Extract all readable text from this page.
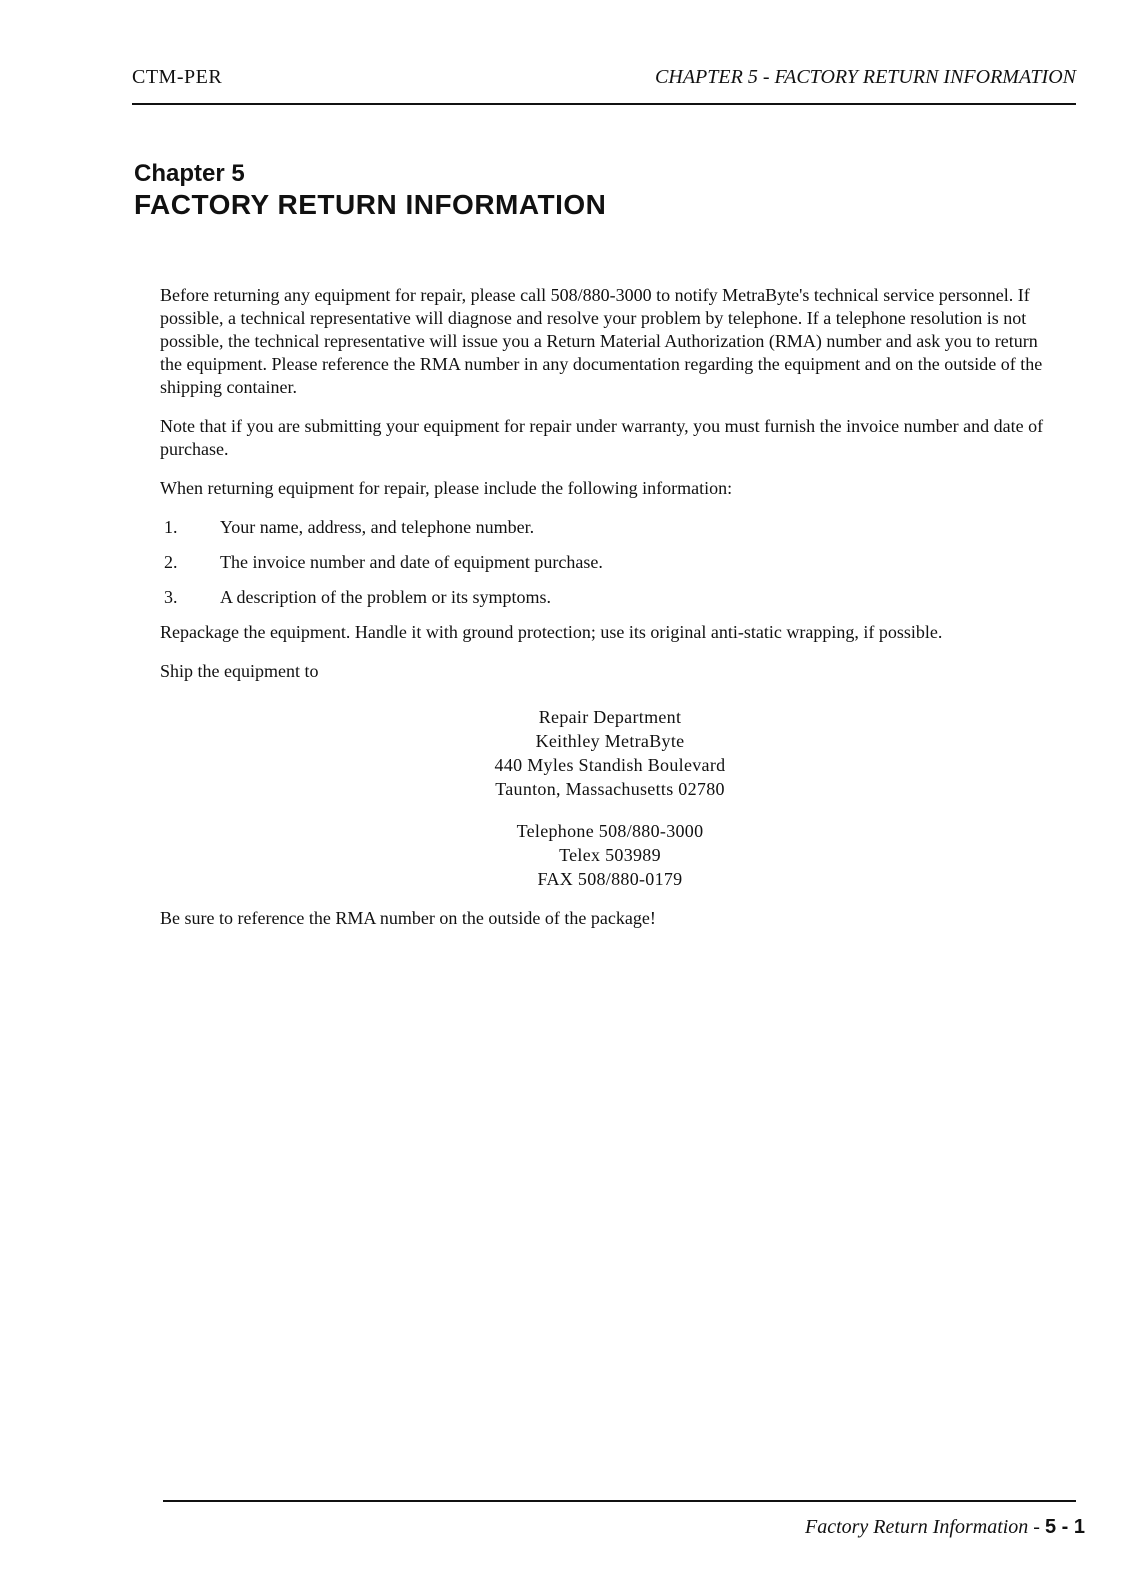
CTM-PER	CHAPTER 5 - FACTORY RETURN INFORMATION
Chapter 5
FACTORY RETURN INFORMATION

Before returning any equipment for repair, please call 508/880-3000 to notify MetraByte's technical service personnel. If possible, a technical representative will diagnose and resolve your problem by telephone. If a telephone resolution is not possible, the technical representative will issue you a Return Material Authorization (RMA) number and ask you to return the equipment. Please reference the RMA number in any documentation regarding the equipment and on the outside of the shipping container.

Note that if you are submitting your equipment for repair under warranty, you must furnish the invoice number and date of purchase.

When returning equipment for repair, please include the following information:

1. Your name, address, and telephone number.
2. The invoice number and date of equipment purchase.
3. A description of the problem or its symptoms.

Repackage the equipment. Handle it with ground protection; use its original anti-static wrapping, if possible.

Ship the equipment to

Repair Department
Keithley MetraByte
440 Myles Standish Boulevard
Taunton, Massachusetts 02780
Telephone 508/880-3000
Telex 503989
FAX 508/880-0179

Be sure to reference the RMA number on the outside of the package!

Factory Return Information - 5 - 1
